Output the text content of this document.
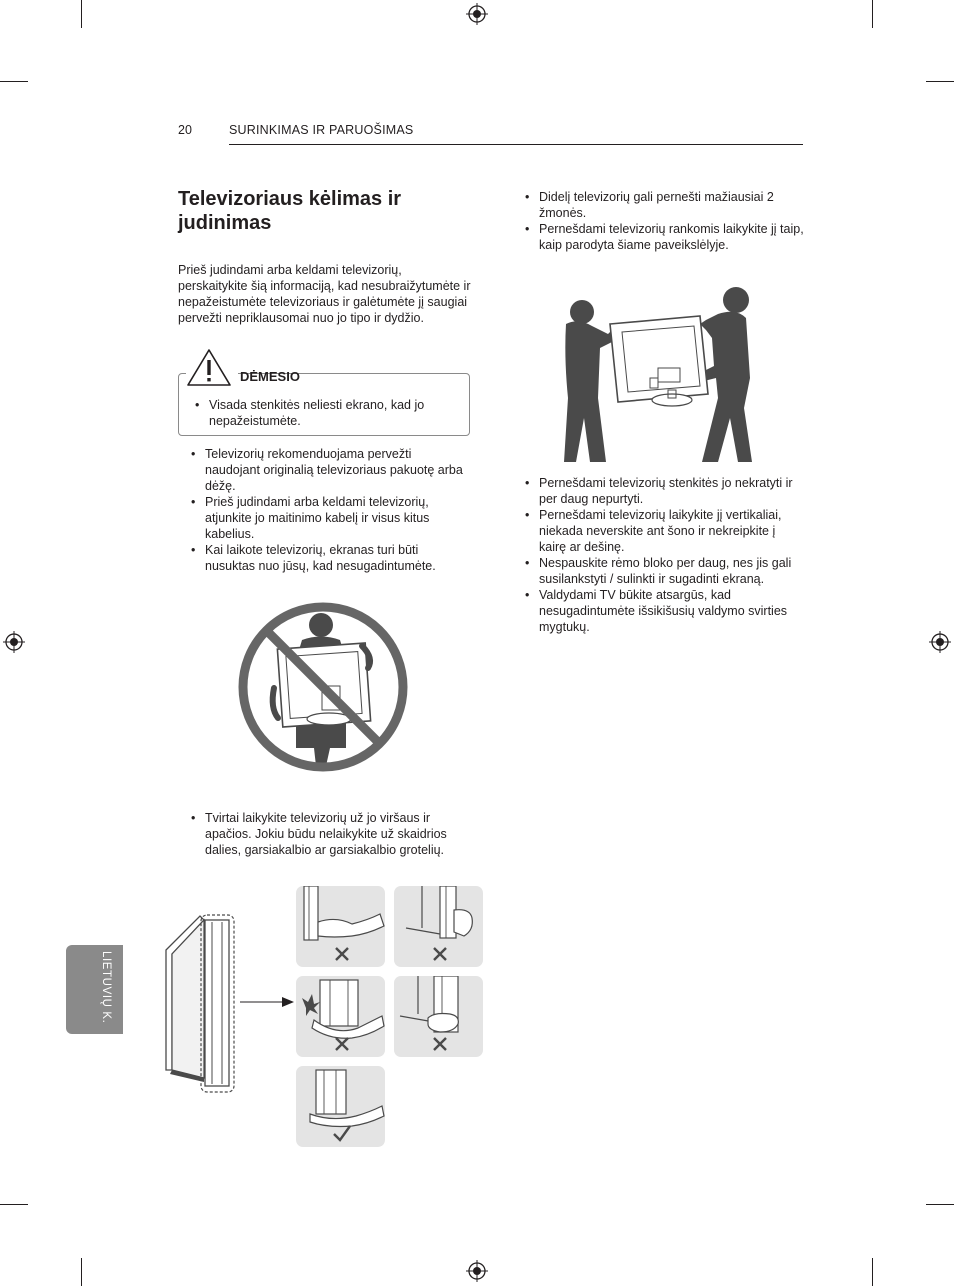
20	SURINKIMAS IR PARUOŠIMAS
Televizoriaus kėlimas ir judinimas
Prieš judindami arba keldami televizorių, perskaitykite šią informaciją, kad nesubraižytumėte ir nepažeistumėte televizoriaus ir galėtumėte jį saugiai pervežti nepriklausomai nuo jo tipo ir dydžio.
• Visada stenkitės neliesti ekrano, kad jo nepažeistumėte.
DĖMESIO
• Televizorių rekomenduojama pervežti naudojant originalią televizoriaus pakuotę arba dėžę.
• Prieš judindami arba keldami televizorių, atjunkite jo maitinimo kabelį ir visus kitus kabelius.
• Kai laikote televizorių, ekranas turi būti nusuktas nuo jūsų, kad nesugadintumėte.
• Tvirtai laikykite televizorių už jo viršaus ir apačios. Jokiu būdu nelaikykite už skaidrios dalies, garsiakalbio ar garsiakalbio grotelių.
LIETUVIŲ K.
• Didelį televizorių gali pernešti mažiausiai 2 žmonės.
• Pernešdami televizorių rankomis laikykite jį taip, kaip parodyta šiame paveikslėlyje.
• Pernešdami televizorių stenkitės jo nekratyti ir per daug nepurtyti.
• Pernešdami televizorių laikykite jį vertikaliai, niekada neverskite ant šono ir nekreipkite į kairę ar dešinę.
• Nespauskite rėmo bloko per daug, nes jis gali susilankstyti / sulinkti ir sugadinti ekraną.
• Valdydami TV būkite atsargūs, kad nesugadintumėte išsikišusių valdymo svirties mygtukų.
